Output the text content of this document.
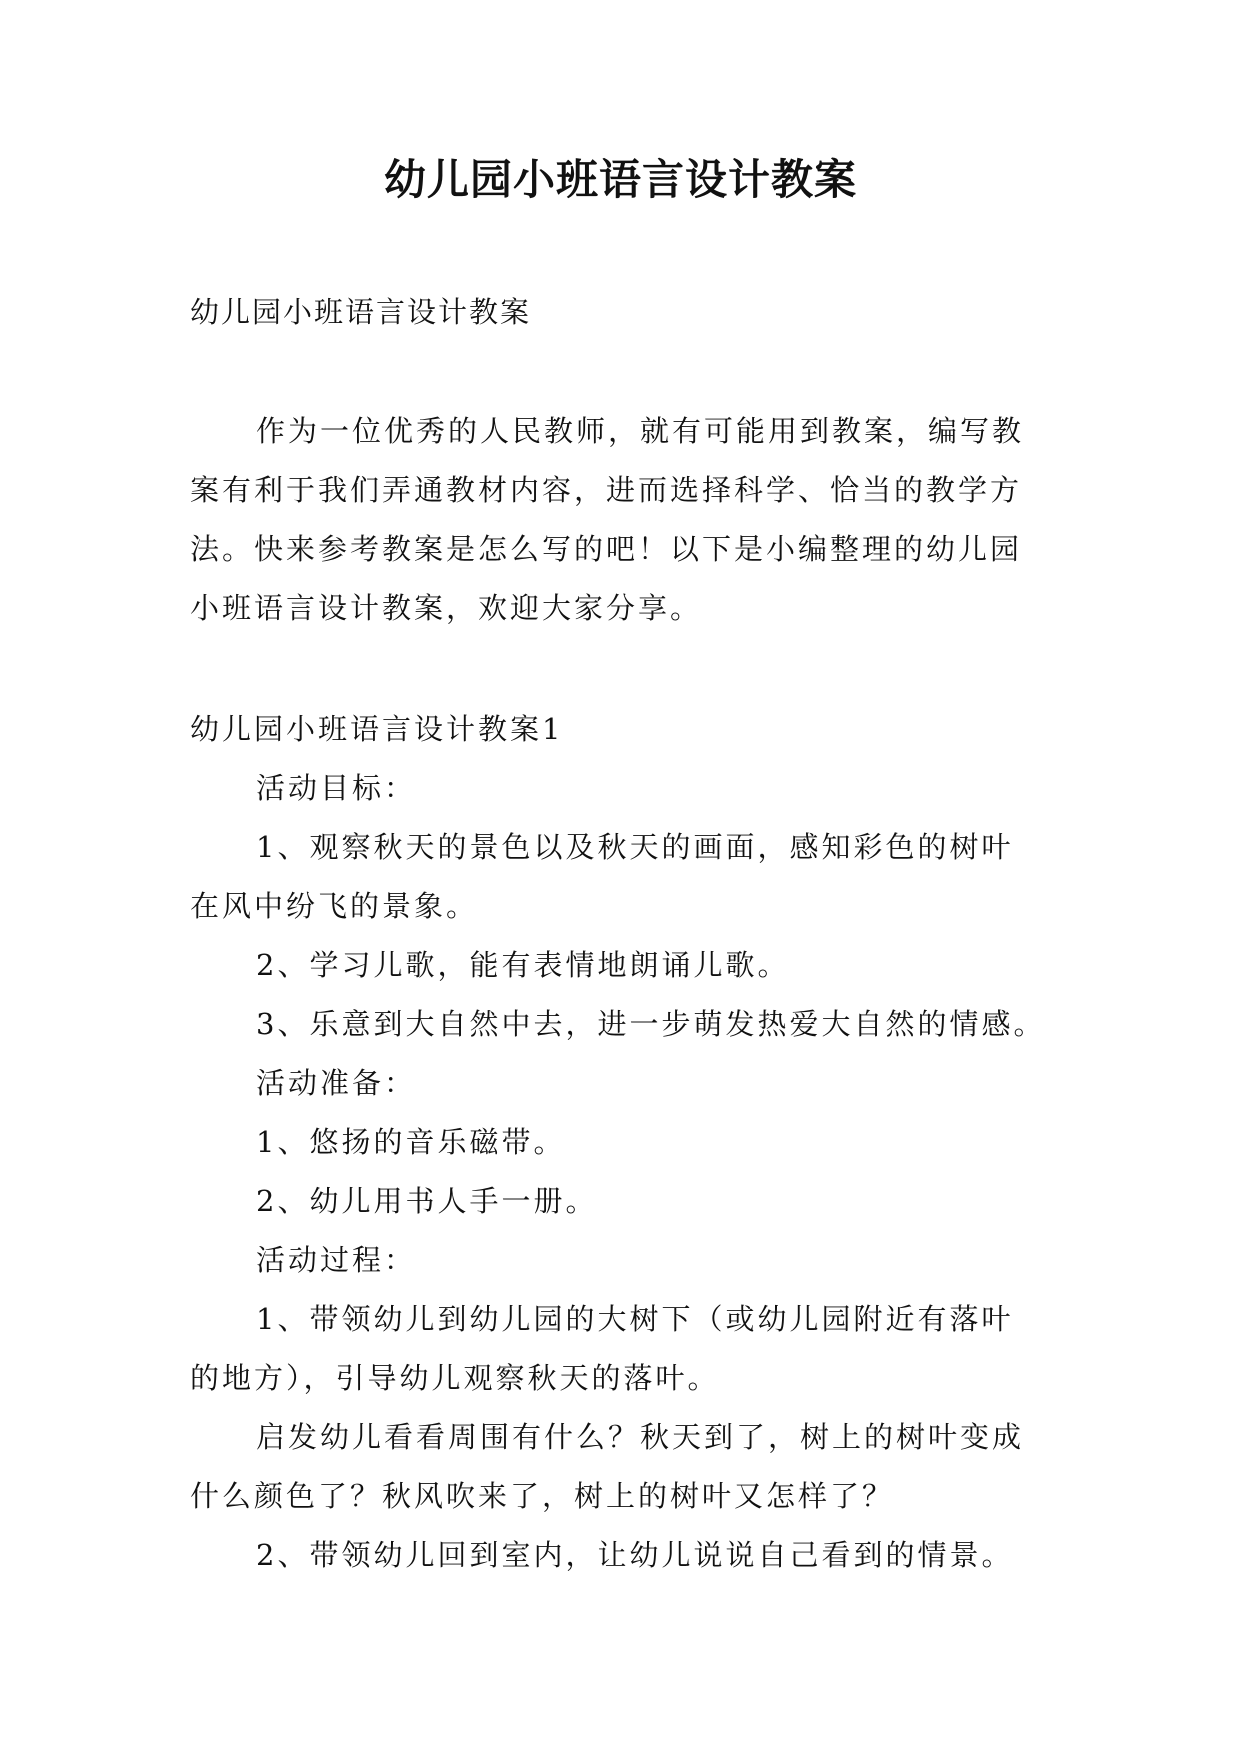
幼儿园小班语言设计教案
幼儿园小班语言设计教案

作为一位优秀的人民教师，就有可能用到教案，编写教案有利于我们弄通教材内容，进而选择科学、恰当的教学方法。快来参考教案是怎么写的吧！以下是小编整理的幼儿园小班语言设计教案，欢迎大家分享。

幼儿园小班语言设计教案1
活动目标：
1、观察秋天的景色以及秋天的画面，感知彩色的树叶
在风中纷飞的景象。
2、学习儿歌，能有表情地朗诵儿歌。
3、乐意到大自然中去，进一步萌发热爱大自然的情感。
活动准备：
1、悠扬的音乐磁带。
2、幼儿用书人手一册。
活动过程：
1、带领幼儿到幼儿园的大树下（或幼儿园附近有落叶
的地方），引导幼儿观察秋天的落叶。
启发幼儿看看周围有什么？秋天到了，树上的树叶变成
什么颜色了？秋风吹来了，树上的树叶又怎样了？
2、带领幼儿回到室内，让幼儿说说自己看到的情景。
